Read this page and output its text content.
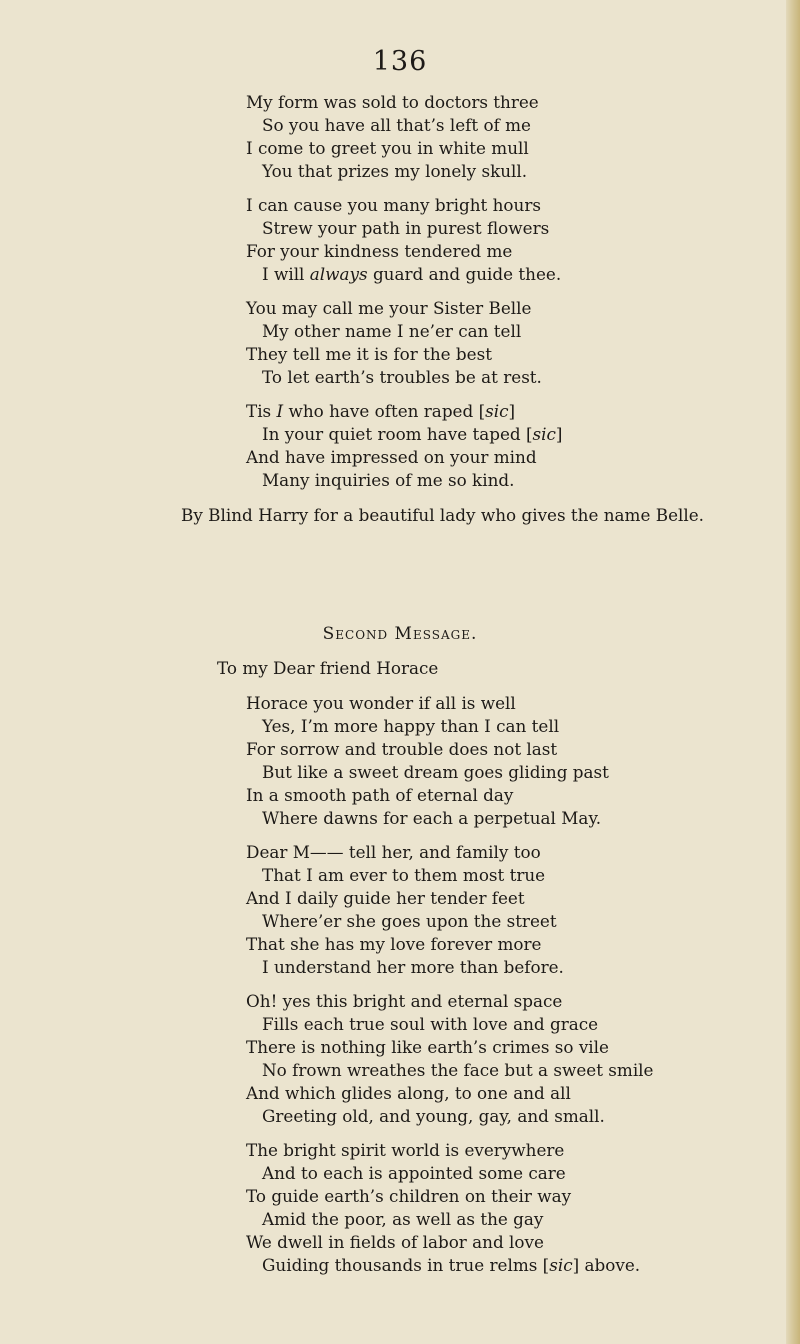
136
My form was sold to doctors three
So you have all that’s left of me
I come to greet you in white mull
You that prizes my lonely skull.
I can cause you many bright hours
Strew your path in purest flowers
For your kindness tendered me
I will always guard and guide thee.
You may call me your Sister Belle
My other name I ne’er can tell
They tell me it is for the best
To let earth’s troubles be at rest.
Tis I who have often raped [sic]
In your quiet room have taped [sic]
And have impressed on your mind
Many inquiries of me so kind.
By Blind Harry for a beautiful lady who gives the name Belle.
Second Message.
To my Dear friend Horace
Horace you wonder if all is well
Yes, I’m more happy than I can tell
For sorrow and trouble does not last
But like a sweet dream goes gliding past
In a smooth path of eternal day
Where dawns for each a perpetual May.
Dear M—— tell her, and family too
That I am ever to them most true
And I daily guide her tender feet
Where’er she goes upon the street
That she has my love forever more
I understand her more than before.
Oh! yes this bright and eternal space
Fills each true soul with love and grace
There is nothing like earth’s crimes so vile
No frown wreathes the face but a sweet smile
And which glides along, to one and all
Greeting old, and young, gay, and small.
The bright spirit world is everywhere
And to each is appointed some care
To guide earth’s children on their way
Amid the poor, as well as the gay
We dwell in fields of labor and love
Guiding thousands in true relms [sic] above.
